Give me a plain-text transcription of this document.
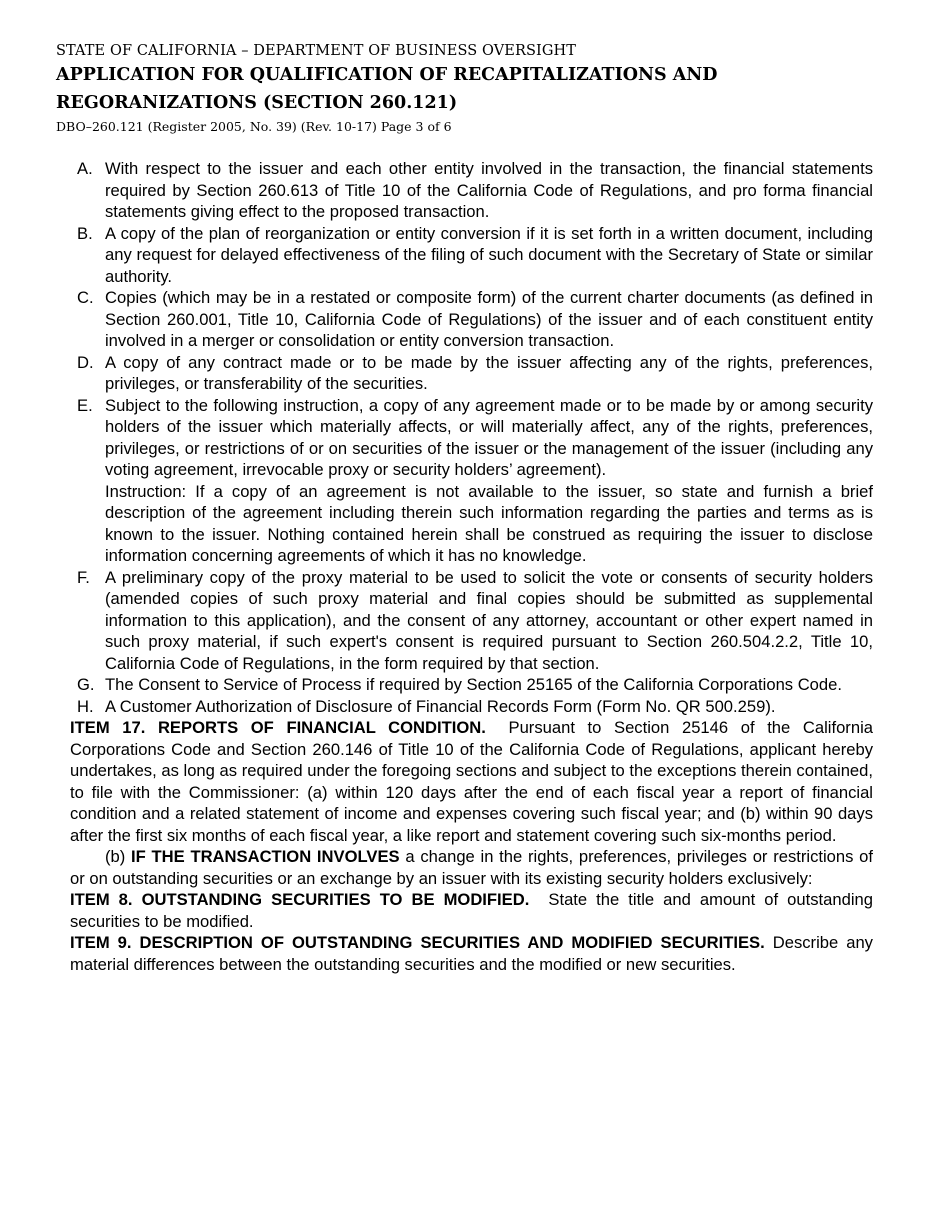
STATE OF CALIFORNIA – DEPARTMENT OF BUSINESS OVERSIGHT
APPLICATION FOR QUALIFICATION OF RECAPITALIZATIONS AND
REGORANIZATIONS (SECTION 260.121)
DBO–260.121 (Register 2005, No. 39) (Rev. 10-17) Page 3 of 6
A. With respect to the issuer and each other entity involved in the transaction, the financial statements required by Section 260.613 of Title 10 of the California Code of Regulations, and pro forma financial statements giving effect to the proposed transaction.
B. A copy of the plan of reorganization or entity conversion if it is set forth in a written document, including any request for delayed effectiveness of the filing of such document with the Secretary of State or similar authority.
C. Copies (which may be in a restated or composite form) of the current charter documents (as defined in Section 260.001, Title 10, California Code of Regulations) of the issuer and of each constituent entity involved in a merger or consolidation or entity conversion transaction.
D. A copy of any contract made or to be made by the issuer affecting any of the rights, preferences, privileges, or transferability of the securities.
E. Subject to the following instruction, a copy of any agreement made or to be made by or among security holders of the issuer which materially affects, or will materially affect, any of the rights, preferences, privileges, or restrictions of or on securities of the issuer or the management of the issuer (including any voting agreement, irrevocable proxy or security holders’ agreement).
Instruction: If a copy of an agreement is not available to the issuer, so state and furnish a brief description of the agreement including therein such information regarding the parties and terms as is known to the issuer. Nothing contained herein shall be construed as requiring the issuer to disclose information concerning agreements of which it has no knowledge.
F. A preliminary copy of the proxy material to be used to solicit the vote or consents of security holders (amended copies of such proxy material and final copies should be submitted as supplemental information to this application), and the consent of any attorney, accountant or other expert named in such proxy material, if such expert's consent is required pursuant to Section 260.504.2.2, Title 10, California Code of Regulations, in the form required by that section.
G. The Consent to Service of Process if required by Section 25165 of the California Corporations Code.
H. A Customer Authorization of Disclosure of Financial Records Form (Form No. QR 500.259).

ITEM 17. REPORTS OF FINANCIAL CONDITION. Pursuant to Section 25146 of the California Corporations Code and Section 260.146 of Title 10 of the California Code of Regulations, applicant hereby undertakes, as long as required under the foregoing sections and subject to the exceptions therein contained, to file with the Commissioner: (a) within 120 days after the end of each fiscal year a report of financial condition and a related statement of income and expenses covering such fiscal year; and (b) within 90 days after the first six months of each fiscal year, a like report and statement covering such six-months period.

(b) IF THE TRANSACTION INVOLVES a change in the rights, preferences, privileges or restrictions of or on outstanding securities or an exchange by an issuer with its existing security holders exclusively:

ITEM 8. OUTSTANDING SECURITIES TO BE MODIFIED. State the title and amount of outstanding securities to be modified.

ITEM 9. DESCRIPTION OF OUTSTANDING SECURITIES AND MODIFIED SECURITIES. Describe any material differences between the outstanding securities and the modified or new securities.
